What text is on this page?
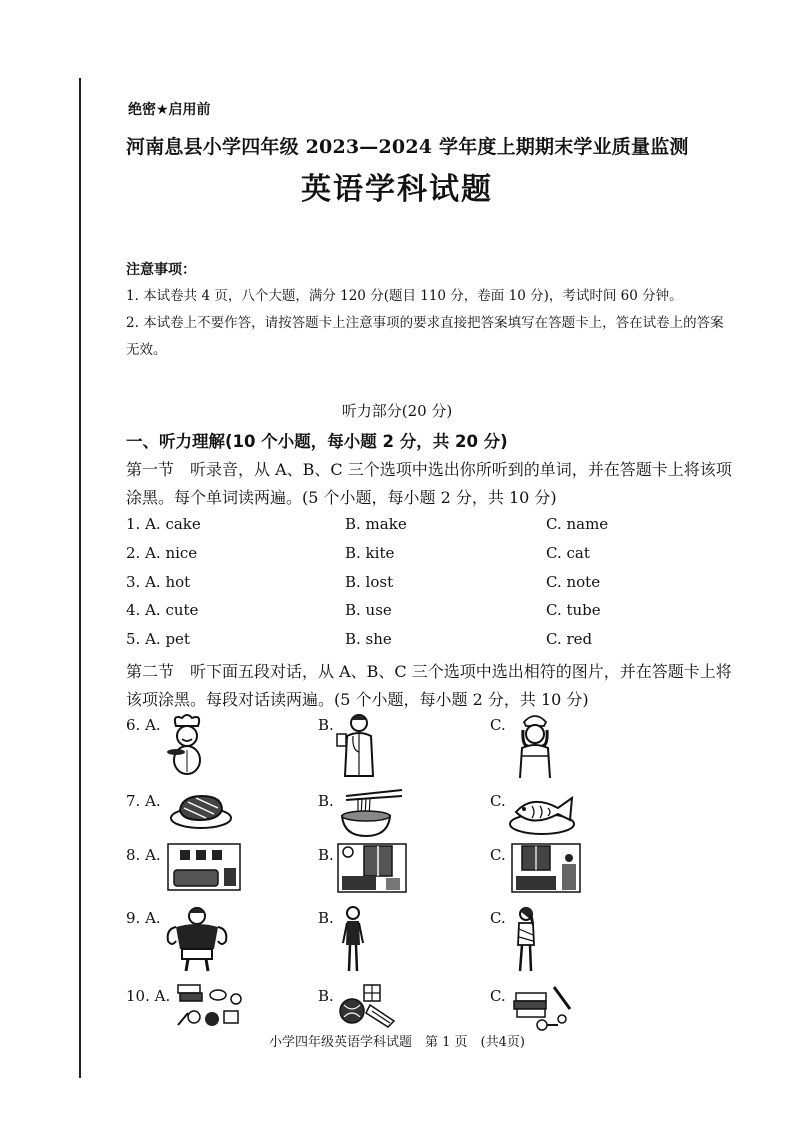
绝密★启用前
河南息县小学四年级 2023—2024 学年度上期期末学业质量监测
英语学科试题
注意事项：
1. 本试卷共 4 页，八个大题，满分 120 分(题目 110 分，卷面 10 分)，考试时间 60 分钟。
2. 本试卷上不要作答，请按答题卡上注意事项的要求直接把答案填写在答题卡上，答在试卷上的答案无效。
听力部分(20 分)
一、听力理解(10 个小题，每小题 2 分，共 20 分)
第一节　听录音，从 A、B、C 三个选项中选出你所听到的单词，并在答题卡上将该项涂黑。每个单词读两遍。(5 个小题，每小题 2 分，共 10 分)
1. A. cake	B. make	C. name
2. A. nice	B. kite	C. cat
3. A. hot	B. lost	C. note
4. A. cute	B. use	C. tube
5. A. pet	B. she	C. red
第二节　听下面五段对话，从 A、B、C 三个选项中选出相符的图片，并在答题卡上将该项涂黑。每段对话读两遍。(5 个小题，每小题 2 分，共 10 分)
6. A.	B.	C.
7. A.	B.	C.
8. A.	B.	C.
9. A.	B.	C.
10. A.	B.	C.
小学四年级英语学科试题　第 1 页　(共4页)
